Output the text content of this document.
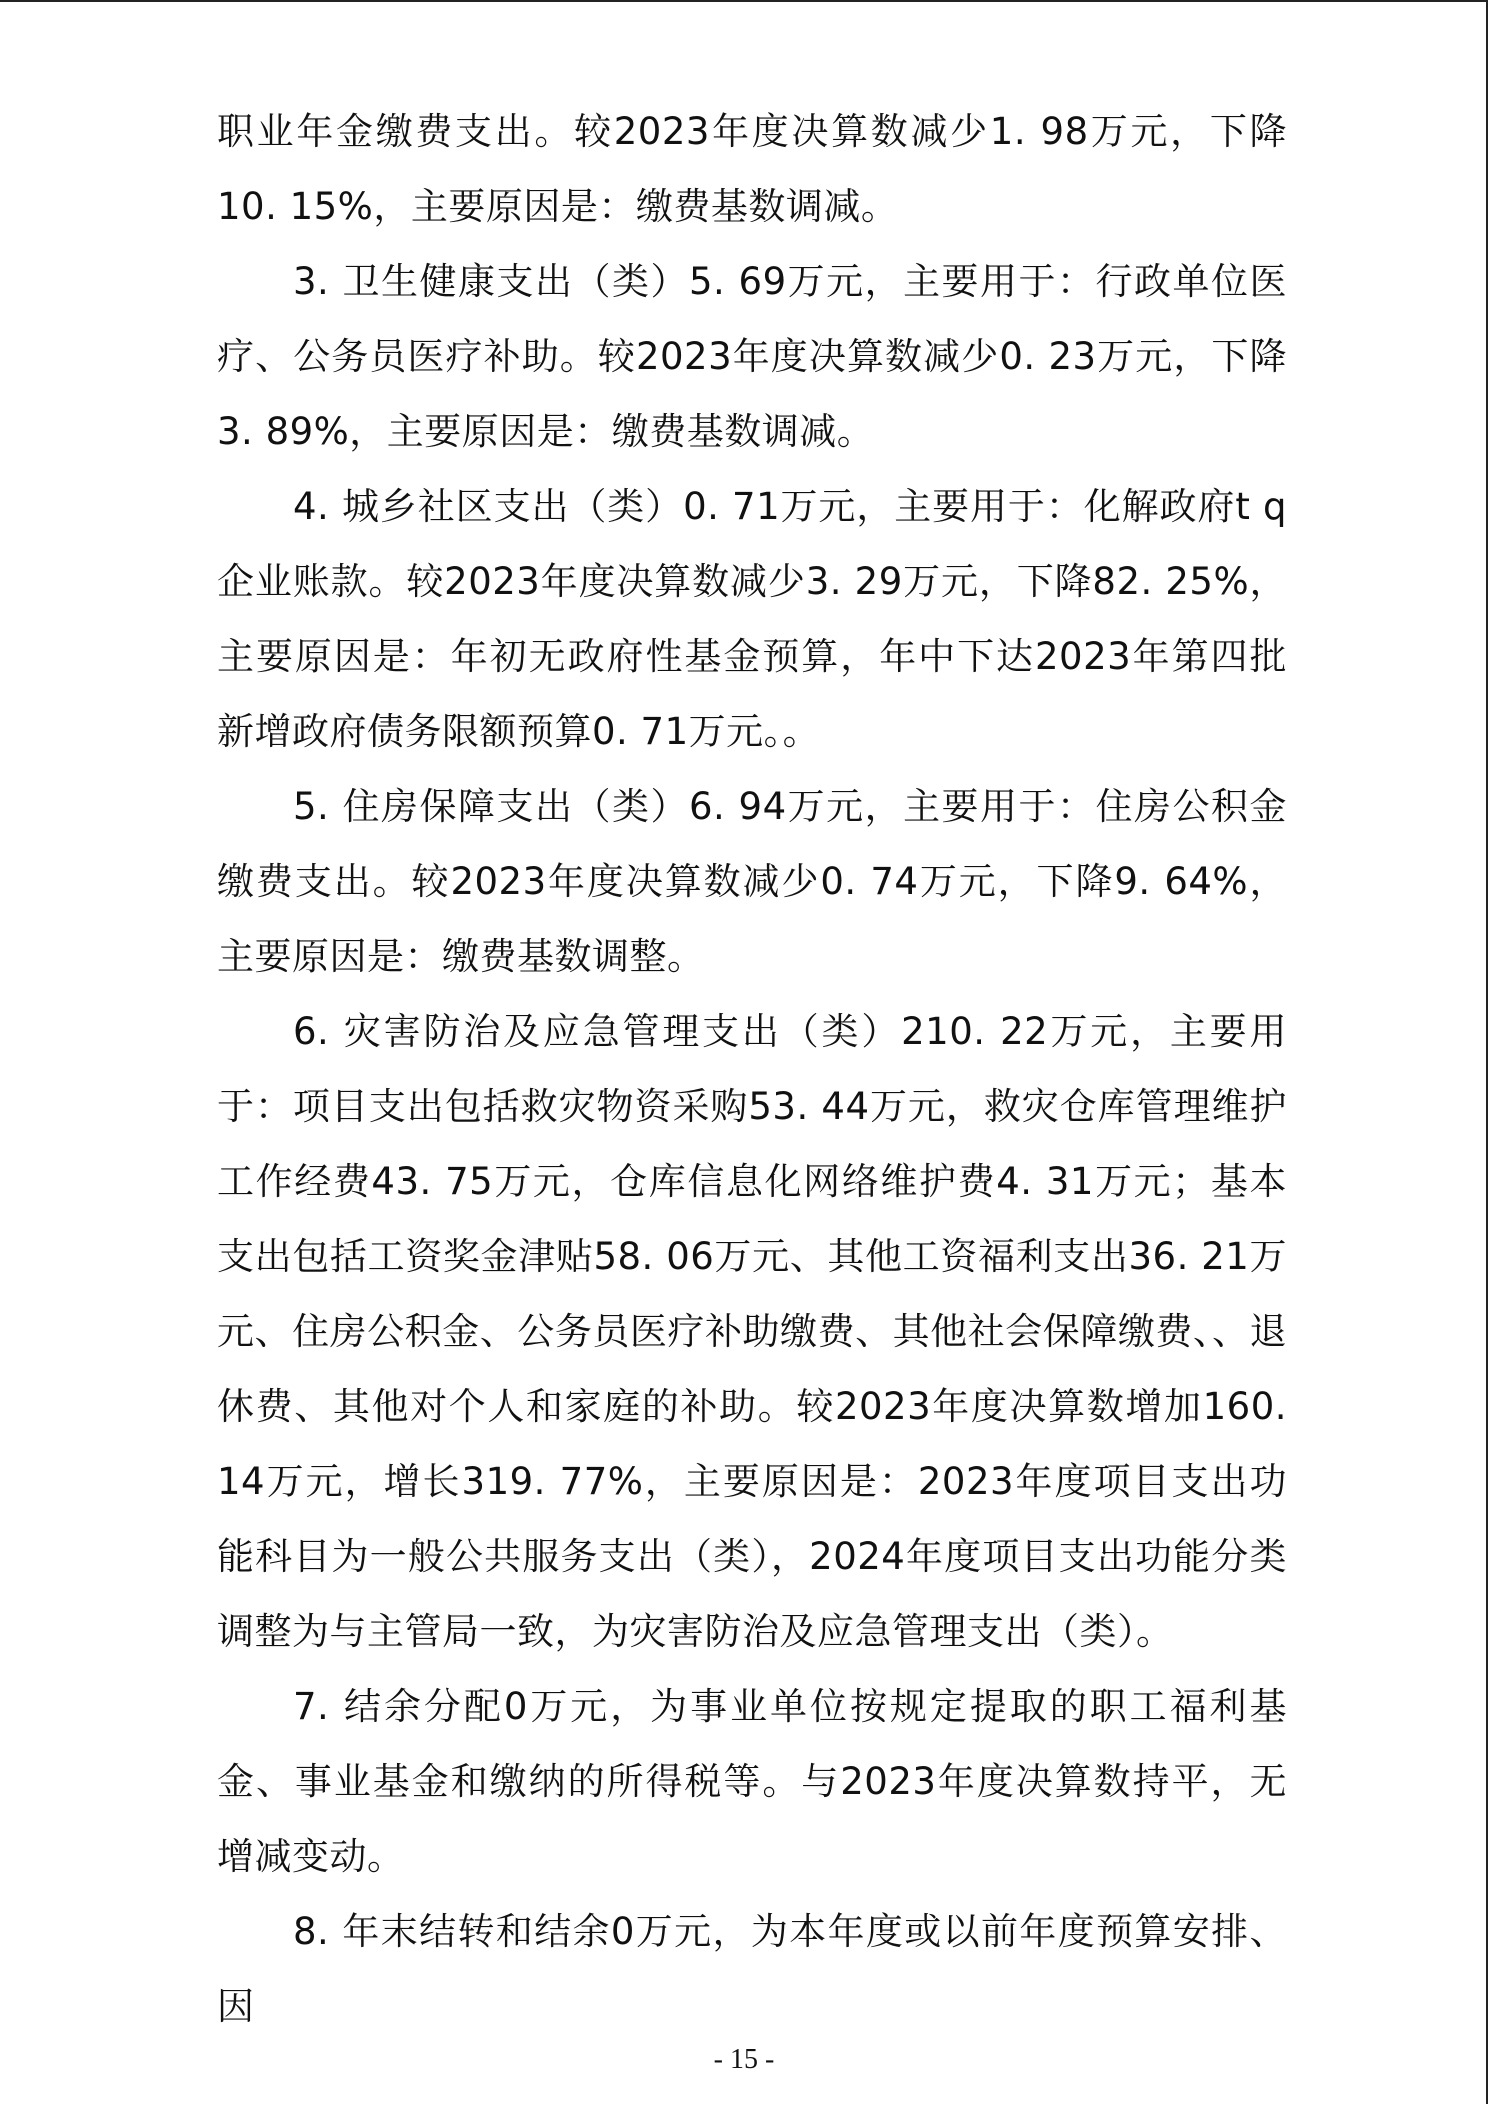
职业年金缴费支出。较2023年度决算数减少1. 98万元，下降10. 15%，主要原因是：缴费基数调减。

3. 卫生健康支出（类）5. 69万元，主要用于：行政单位医疗、公务员医疗补助。较2023年度决算数减少0. 23万元，下降3. 89%，主要原因是：缴费基数调减。

4. 城乡社区支出（类）0. 71万元，主要用于：化解政府t q企业账款。较2023年度决算数减少3. 29万元，下降82. 25%，主要原因是：年初无政府性基金预算，年中下达2023年第四批新增政府债务限额预算0. 71万元。。

5. 住房保障支出（类）6. 94万元，主要用于：住房公积金缴费支出。较2023年度决算数减少0. 74万元，下降9. 64%，主要原因是：缴费基数调整。

6. 灾害防治及应急管理支出（类）210. 22万元，主要用于：项目支出包括救灾物资采购53. 44万元，救灾仓库管理维护工作经费43. 75万元，仓库信息化网络维护费4. 31万元；基本支出包括工资奖金津贴58. 06万元、其他工资福利支出36. 21万元、住房公积金、公务员医疗补助缴费、其他社会保障缴费、、退休费、其他对个人和家庭的补助。较2023年度决算数增加160. 14万元，增长319. 77%，主要原因是：2023年度项目支出功能科目为一般公共服务支出（类），2024年度项目支出功能分类调整为与主管局一致，为灾害防治及应急管理支出（类）。

7. 结余分配0万元，为事业单位按规定提取的职工福利基金、事业基金和缴纳的所得税等。与2023年度决算数持平，无增减变动。

8. 年末结转和结余0万元，为本年度或以前年度预算安排、因

- 15 -
